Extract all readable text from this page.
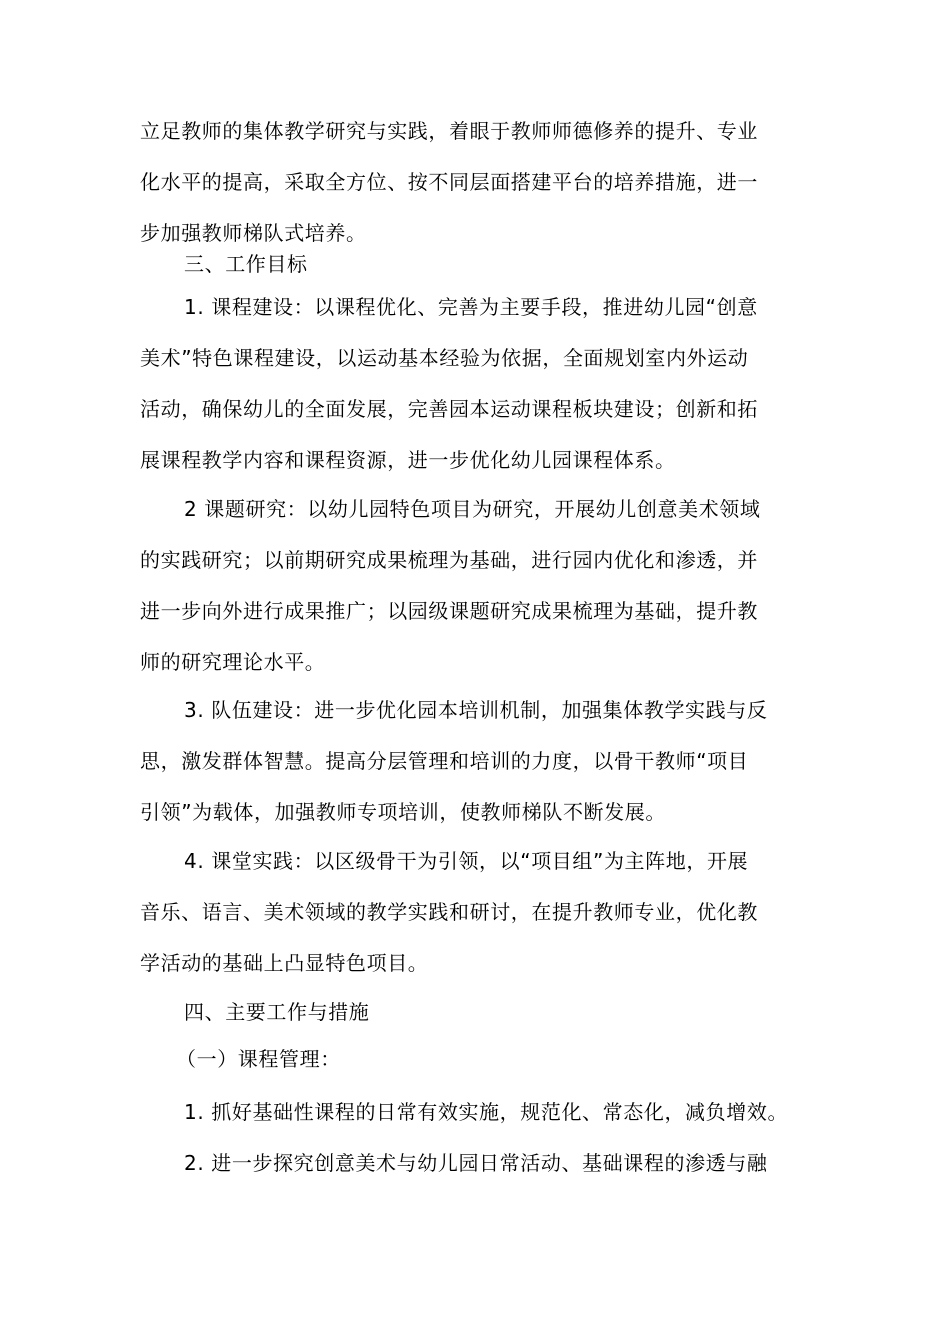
立足教师的集体教学研究与实践，着眼于教师师德修养的提升、专业
化水平的提高，采取全方位、按不同层面搭建平台的培养措施，进一
步加强教师梯队式培养。
三、工作目标
1. 课程建设：以课程优化、完善为主要手段，推进幼儿园“创意
美术”特色课程建设，以运动基本经验为依据，全面规划室内外运动
活动，确保幼儿的全面发展，完善园本运动课程板块建设；创新和拓
展课程教学内容和课程资源，进一步优化幼儿园课程体系。
2 课题研究：以幼儿园特色项目为研究，开展幼儿创意美术领域
的实践研究；以前期研究成果梳理为基础，进行园内优化和渗透，并
进一步向外进行成果推广；以园级课题研究成果梳理为基础，提升教
师的研究理论水平。
3. 队伍建设：进一步优化园本培训机制，加强集体教学实践与反
思，激发群体智慧。提高分层管理和培训的力度，以骨干教师“项目
引领”为载体，加强教师专项培训，使教师梯队不断发展。
4. 课堂实践：以区级骨干为引领，以“项目组”为主阵地，开展
音乐、语言、美术领域的教学实践和研讨，在提升教师专业，优化教
学活动的基础上凸显特色项目。
四、主要工作与措施
（一）课程管理：
1. 抓好基础性课程的日常有效实施，规范化、常态化，减负增效。
2. 进一步探究创意美术与幼儿园日常活动、基础课程的渗透与融
